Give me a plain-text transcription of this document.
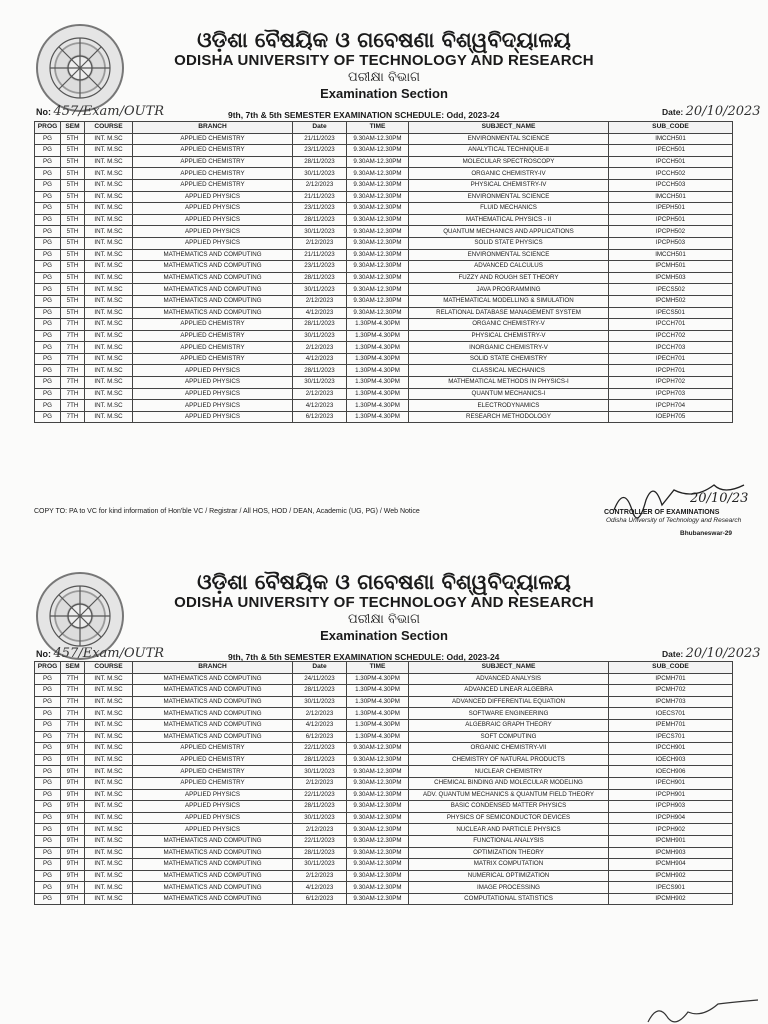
ଓଡ଼ିଶା ବୈଷୟିକ ଓ ଗବେଷଣା ବିଶ୍ୱବିଦ୍ୟାଳୟ
ODISHA UNIVERSITY OF TECHNOLOGY AND RESEARCH
ପରୀକ୍ଷା ବିଭାଗ
Examination Section
No: 457/Exam/OUTR	9th, 7th & 5th SEMESTER EXAMINATION SCHEDULE: Odd, 2023-24	Date: 20/10/2023
PROG	SEM	COURSE	BRANCH	Date	TIME	SUBJECT_NAME	SUB_CODE
PG	5TH	INT. M.SC	APPLIED CHEMISTRY	21/11/2023	9.30AM-12.30PM	ENVIRONMENTAL SCIENCE	IMCCH501
PG	5TH	INT. M.SC	APPLIED CHEMISTRY	23/11/2023	9.30AM-12.30PM	ANALYTICAL TECHNIQUE-II	IPECH501
PG	5TH	INT. M.SC	APPLIED CHEMISTRY	28/11/2023	9.30AM-12.30PM	MOLECULAR SPECTROSCOPY	IPCCH501
PG	5TH	INT. M.SC	APPLIED CHEMISTRY	30/11/2023	9.30AM-12.30PM	ORGANIC CHEMISTRY-IV	IPCCH502
PG	5TH	INT. M.SC	APPLIED CHEMISTRY	2/12/2023	9.30AM-12.30PM	PHYSICAL CHEMISTRY-IV	IPCCH503
PG	5TH	INT. M.SC	APPLIED PHYSICS	21/11/2023	9.30AM-12.30PM	ENVIRONMENTAL SCIENCE	IMCCH501
PG	5TH	INT. M.SC	APPLIED PHYSICS	23/11/2023	9.30AM-12.30PM	FLUID MECHANICS	IPEPH501
PG	5TH	INT. M.SC	APPLIED PHYSICS	28/11/2023	9.30AM-12.30PM	MATHEMATICAL PHYSICS - II	IPCPH501
PG	5TH	INT. M.SC	APPLIED PHYSICS	30/11/2023	9.30AM-12.30PM	QUANTUM MECHANICS AND APPLICATIONS	IPCPH502
PG	5TH	INT. M.SC	APPLIED PHYSICS	2/12/2023	9.30AM-12.30PM	SOLID STATE PHYSICS	IPCPH503
PG	5TH	INT. M.SC	MATHEMATICS AND COMPUTING	21/11/2023	9.30AM-12.30PM	ENVIRONMENTAL SCIENCE	IMCCH501
PG	5TH	INT. M.SC	MATHEMATICS AND COMPUTING	23/11/2023	9.30AM-12.30PM	ADVANCED CALCULUS	IPCMH501
PG	5TH	INT. M.SC	MATHEMATICS AND COMPUTING	28/11/2023	9.30AM-12.30PM	FUZZY AND ROUGH SET THEORY	IPCMH503
PG	5TH	INT. M.SC	MATHEMATICS AND COMPUTING	30/11/2023	9.30AM-12.30PM	JAVA PROGRAMMING	IPECS502
PG	5TH	INT. M.SC	MATHEMATICS AND COMPUTING	2/12/2023	9.30AM-12.30PM	MATHEMATICAL MODELLING & SIMULATION	IPCMH502
PG	5TH	INT. M.SC	MATHEMATICS AND COMPUTING	4/12/2023	9.30AM-12.30PM	RELATIONAL DATABASE MANAGEMENT SYSTEM	IPECS501
PG	7TH	INT. M.SC	APPLIED CHEMISTRY	28/11/2023	1.30PM-4.30PM	ORGANIC CHEMISTRY-V	IPCCH701
PG	7TH	INT. M.SC	APPLIED CHEMISTRY	30/11/2023	1.30PM-4.30PM	PHYSICAL CHEMISTRY-V	IPCCH702
PG	7TH	INT. M.SC	APPLIED CHEMISTRY	2/12/2023	1.30PM-4.30PM	INORGANIC CHEMISTRY-V	IPCCH703
PG	7TH	INT. M.SC	APPLIED CHEMISTRY	4/12/2023	1.30PM-4.30PM	SOLID STATE CHEMISTRY	IPECH701
PG	7TH	INT. M.SC	APPLIED PHYSICS	28/11/2023	1.30PM-4.30PM	CLASSICAL MECHANICS	IPCPH701
PG	7TH	INT. M.SC	APPLIED PHYSICS	30/11/2023	1.30PM-4.30PM	MATHEMATICAL METHODS IN PHYSICS-I	IPCPH702
PG	7TH	INT. M.SC	APPLIED PHYSICS	2/12/2023	1.30PM-4.30PM	QUANTUM MECHANICS-I	IPCPH703
PG	7TH	INT. M.SC	APPLIED PHYSICS	4/12/2023	1.30PM-4.30PM	ELECTRODYNAMICS	IPCPH704
PG	7TH	INT. M.SC	APPLIED PHYSICS	6/12/2023	1.30PM-4.30PM	RESEARCH METHODOLOGY	IOEPH705
COPY TO: PA to VC for kind information of Hon'ble VC / Registrar / All HOS, HOD / DEAN, Academic (UG, PG) / Web Notice
20/10/23
CONTROLLER OF EXAMINATIONS
Odisha University of Technology and Research
Bhubaneswar-29
ଓଡ଼ିଶା ବୈଷୟିକ ଓ ଗବେଷଣା ବିଶ୍ୱବିଦ୍ୟାଳୟ
ODISHA UNIVERSITY OF TECHNOLOGY AND RESEARCH
ପରୀକ୍ଷା ବିଭାଗ
Examination Section
No: 457/Exam/OUTR	9th, 7th & 5th SEMESTER EXAMINATION SCHEDULE: Odd, 2023-24	Date: 20/10/2023
PROG	SEM	COURSE	BRANCH	Date	TIME	SUBJECT_NAME	SUB_CODE
PG	7TH	INT. M.SC	MATHEMATICS AND COMPUTING	24/11/2023	1.30PM-4.30PM	ADVANCED ANALYSIS	IPCMH701
PG	7TH	INT. M.SC	MATHEMATICS AND COMPUTING	28/11/2023	1.30PM-4.30PM	ADVANCED LINEAR ALGEBRA	IPCMH702
PG	7TH	INT. M.SC	MATHEMATICS AND COMPUTING	30/11/2023	1.30PM-4.30PM	ADVANCED DIFFERENTIAL EQUATION	IPCMH703
PG	7TH	INT. M.SC	MATHEMATICS AND COMPUTING	2/12/2023	1.30PM-4.30PM	SOFTWARE ENGINEERING	IOECS701
PG	7TH	INT. M.SC	MATHEMATICS AND COMPUTING	4/12/2023	1.30PM-4.30PM	ALGEBRAIC GRAPH THEORY	IPEMH701
PG	7TH	INT. M.SC	MATHEMATICS AND COMPUTING	6/12/2023	1.30PM-4.30PM	SOFT COMPUTING	IPECS701
PG	9TH	INT. M.SC	APPLIED CHEMISTRY	22/11/2023	9.30AM-12.30PM	ORGANIC CHEMISTRY-VII	IPCCH901
PG	9TH	INT. M.SC	APPLIED CHEMISTRY	28/11/2023	9.30AM-12.30PM	CHEMISTRY OF NATURAL PRODUCTS	IOECH903
PG	9TH	INT. M.SC	APPLIED CHEMISTRY	30/11/2023	9.30AM-12.30PM	NUCLEAR CHEMISTRY	IOECH906
PG	9TH	INT. M.SC	APPLIED CHEMISTRY	2/12/2023	9.30AM-12.30PM	CHEMICAL BINDING AND MOLECULAR MODELING	IPECH901
PG	9TH	INT. M.SC	APPLIED PHYSICS	22/11/2023	9.30AM-12.30PM	ADV. QUANTUM MECHANICS & QUANTUM FIELD THEORY	IPCPH901
PG	9TH	INT. M.SC	APPLIED PHYSICS	28/11/2023	9.30AM-12.30PM	BASIC CONDENSED MATTER PHYSICS	IPCPH903
PG	9TH	INT. M.SC	APPLIED PHYSICS	30/11/2023	9.30AM-12.30PM	PHYSICS OF SEMICONDUCTOR DEVICES	IPCPH904
PG	9TH	INT. M.SC	APPLIED PHYSICS	2/12/2023	9.30AM-12.30PM	NUCLEAR AND PARTICLE PHYSICS	IPCPH902
PG	9TH	INT. M.SC	MATHEMATICS AND COMPUTING	22/11/2023	9.30AM-12.30PM	FUNCTIONAL ANALYSIS	IPCMH901
PG	9TH	INT. M.SC	MATHEMATICS AND COMPUTING	28/11/2023	9.30AM-12.30PM	OPTIMIZATION THEORY	IPCMH903
PG	9TH	INT. M.SC	MATHEMATICS AND COMPUTING	30/11/2023	9.30AM-12.30PM	MATRIX COMPUTATION	IPCMH904
PG	9TH	INT. M.SC	MATHEMATICS AND COMPUTING	2/12/2023	9.30AM-12.30PM	NUMERICAL OPTIMIZATION	IPCMH902
PG	9TH	INT. M.SC	MATHEMATICS AND COMPUTING	4/12/2023	9.30AM-12.30PM	IMAGE PROCESSING	IPECS901
PG	9TH	INT. M.SC	MATHEMATICS AND COMPUTING	6/12/2023	9.30AM-12.30PM	COMPUTATIONAL STATISTICS	IPCMH902
